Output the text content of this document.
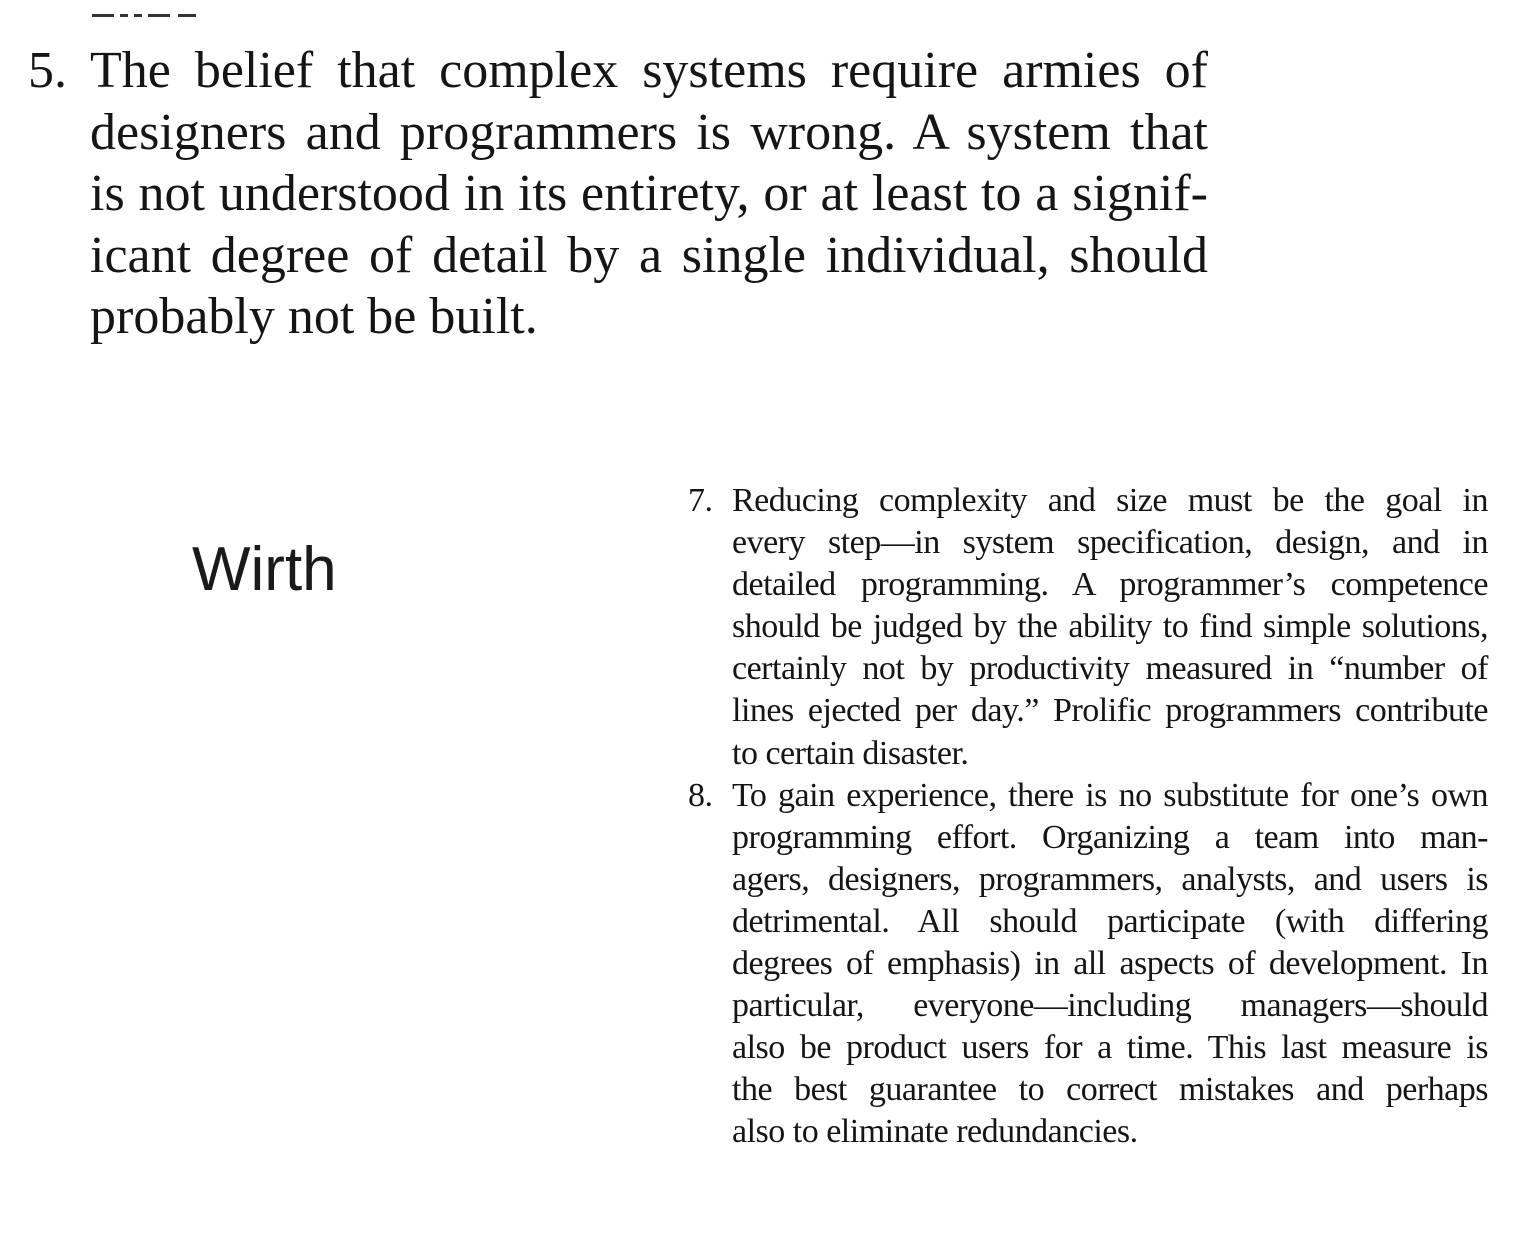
5. The belief that complex systems require armies of
designers and programmers is wrong. A system that
is not understood in its entirety, or at least to a signif-
icant degree of detail by a single individual, should
probably not be built.
Wirth
7. Reducing complexity and size must be the goal in
every step—in system specification, design, and in
detailed programming. A programmer’s competence
should be judged by the ability to find simple solutions,
certainly not by productivity measured in “number of
lines ejected per day.” Prolific programmers contribute
to certain disaster.
8. To gain experience, there is no substitute for one’s own
programming effort. Organizing a team into man-
agers, designers, programmers, analysts, and users is
detrimental. All should participate (with differing
degrees of emphasis) in all aspects of development. In
particular, everyone—including managers—should
also be product users for a time. This last measure is
the best guarantee to correct mistakes and perhaps
also to eliminate redundancies.
